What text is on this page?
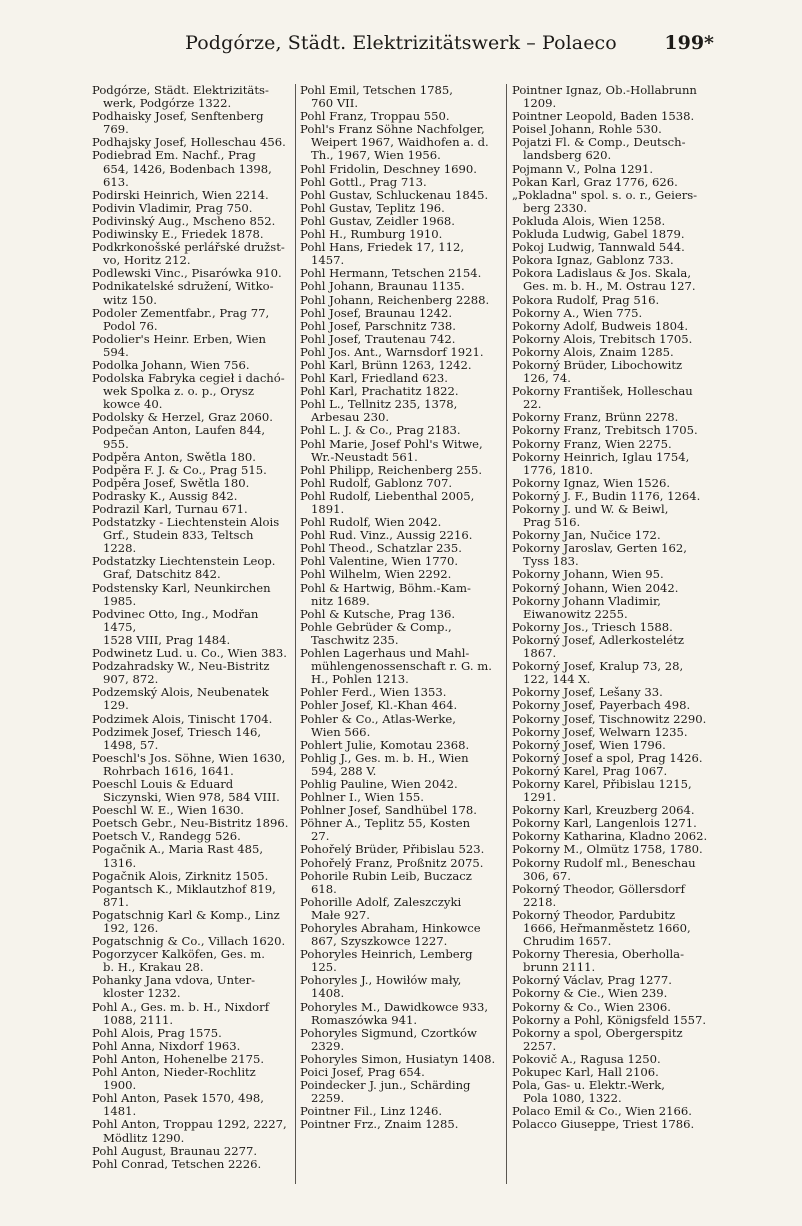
Podgórze, Städt. Elektrizitätswerk – Polaeco	199*

Podgórze, Städt. Elektrizitäts-
werk, Podgórze 1322.

Podhaisky Josef, Senftenberg
769.

Podhajsky Josef, Holleschau 456.

Podiebrad Em. Nachf., Prag
654, 1426, Bodenbach 1398, 613.

Podirski Heinrich, Wien 2214.

Podivin Vladimir, Prag 750.

Podivinský Aug., Mscheno 852.

Podiwinsky E., Friedek 1878.

Podkrkonošské perlářské družst-
vo, Horitz 212.

Podlewski Vinc., Pisarówka 910.

Podnikatelské sdružení, Witko-
witz 150.

Podoler Zementfabr., Prag 77,
Podol 76.

Podolier's Heinr. Erben, Wien
594.

Podolka Johann, Wien 756.

Podolska Fabryka cegieł i dachó-
wek Spolka z. o. p., Orysz
kowce 40.

Podolsky & Herzel, Graz 2060.

Podpečan Anton, Laufen 844,
955.

Podpěra Anton, Swětla 180.

Podpěra F. J. & Co., Prag 515.

Podpěra Josef, Swětla 180.

Podrasky K., Aussig 842.

Podrazil Karl, Turnau 671.

Podstatzky - Liechtenstein Alois
Grf., Studein 833, Teltsch
1228.

Podstatzky Liechtenstein Leop.
Graf, Datschitz 842.

Podstensky Karl, Neunkirchen
1985.

Podvinec Otto, Ing., Modřan 1475,
1528 VIII, Prag 1484.

Podwinetz Lud. u. Co., Wien 383.

Podzahradsky W., Neu-Bistritz
907, 872.

Podzemský Alois, Neubenatek
129.

Podzimek Alois, Tinischt 1704.

Podzimek Josef, Triesch 146,
1498, 57.

Poeschl's Jos. Söhne, Wien 1630,
Rohrbach 1616, 1641.

Poeschl Louis & Eduard
Siczynski, Wien 978, 584 VIII.

Poeschl W. E., Wien 1630.

Poetsch Gebr., Neu-Bistritz 1896.

Poetsch V., Randegg 526.

Pogačnik A., Maria Rast 485,
1316.

Pogačnik Alois, Zirknitz 1505.

Pogantsch K., Miklautzhof 819,
871.

Pogatschnig Karl & Komp., Linz
192, 126.

Pogatschnig & Co., Villach 1620.

Pogorzycer Kalköfen, Ges. m.
b. H., Krakau 28.

Pohanky Jana vdova, Unter-
kloster 1232.

Pohl A., Ges. m. b. H., Nixdorf
1088, 2111.

Pohl Alois, Prag 1575.

Pohl Anna, Nixdorf 1963.

Pohl Anton, Hohenelbe 2175.

Pohl Anton, Nieder-Rochlitz 1900.

Pohl Anton, Pasek 1570, 498, 1481.

Pohl Anton, Troppau 1292, 2227,
Mödlitz 1290.

Pohl August, Braunau 2277.

Pohl Conrad, Tetschen 2226.

Pohl Emil, Tetschen 1785,
760 VII.

Pohl Franz, Troppau 550.

Pohl's Franz Söhne Nachfolger,
Weipert 1967, Waidhofen a. d.
Th., 1967, Wien 1956.

Pohl Fridolin, Deschney 1690.

Pohl Gottl., Prag 713.

Pohl Gustav, Schluckenau 1845.

Pohl Gustav, Teplitz 196.

Pohl Gustav, Zeidler 1968.

Pohl H., Rumburg 1910.

Pohl Hans, Friedek 17, 112, 1457.

Pohl Hermann, Tetschen 2154.

Pohl Johann, Braunau 1135.

Pohl Johann, Reichenberg 2288.

Pohl Josef, Braunau 1242.

Pohl Josef, Parschnitz 738.

Pohl Josef, Trautenau 742.

Pohl Jos. Ant., Warnsdorf 1921.

Pohl Karl, Brünn 1263, 1242.

Pohl Karl, Friedland 623.

Pohl Karl, Prachatitz 1822.

Pohl L., Tellnitz 235, 1378,
Arbesau 230.

Pohl L. J. & Co., Prag 2183.

Pohl Marie, Josef Pohl's Witwe,
Wr.-Neustadt 561.

Pohl Philipp, Reichenberg 255.

Pohl Rudolf, Gablonz 707.

Pohl Rudolf, Liebenthal 2005,
1891.

Pohl Rudolf, Wien 2042.

Pohl Rud. Vinz., Aussig 2216.

Pohl Theod., Schatzlar 235.

Pohl Valentine, Wien 1770.

Pohl Wilhelm, Wien 2292.

Pohl & Hartwig, Böhm.-Kam-
nitz 1689.

Pohl & Kutsche, Prag 136.

Pohle Gebrüder & Comp.,
Taschwitz 235.

Pohlen Lagerhaus und Mahl-
mühlengenossenschaft r. G. m.
H., Pohlen 1213.

Pohler Ferd., Wien 1353.

Pohler Josef, Kl.-Khan 464.

Pohler & Co., Atlas-Werke,
Wien 566.

Pohlert Julie, Komotau 2368.

Pohlig J., Ges. m. b. H., Wien
594, 288 V.

Pohlig Pauline, Wien 2042.

Pohlner I., Wien 155.

Pohlner Josef, Sandhübel 178.

Pöhner A., Teplitz 55, Kosten
27.

Pohořelý Brüder, Přibislau 523.

Pohořelý Franz, Proßnitz 2075.

Pohorile Rubin Leib, Buczacz
618.

Pohorille Adolf, Zaleszczyki
Małe 927.

Pohoryles Abraham, Hinkowce
867, Szyszkowce 1227.

Pohoryles Heinrich, Lemberg
125.

Pohoryles J., Howiłów mały,
1408.

Pohoryles M., Dawidkowce 933,
Romaszówka 941.

Pohoryles Sigmund, Czortków
2329.

Pohoryles Simon, Husiatyn 1408.

Poici Josef, Prag 654.

Poindecker J. jun., Schärding
2259.

Pointner Fil., Linz 1246.

Pointner Frz., Znaim 1285.

Pointner Ignaz, Ob.-Hollabrunn
1209.

Pointner Leopold, Baden 1538.

Poisel Johann, Rohle 530.

Pojatzi Fl. & Comp., Deutsch-
landsberg 620.

Pojmann V., Polna 1291.

Pokan Karl, Graz 1776, 626.

„Pokladna" spol. s. o. r., Geiers-
berg 2330.

Pokluda Alois, Wien 1258.

Pokluda Ludwig, Gabel 1879.

Pokoj Ludwig, Tannwald 544.

Pokora Ignaz, Gablonz 733.

Pokora Ladislaus & Jos. Skala,
Ges. m. b. H., M. Ostrau 127.

Pokora Rudolf, Prag 516.

Pokorny A., Wien 775.

Pokorny Adolf, Budweis 1804.

Pokorny Alois, Trebitsch 1705.

Pokorny Alois, Znaim 1285.

Pokorný Brüder, Libochowitz
126, 74.

Pokorny František, Holleschau
22.

Pokorny Franz, Brünn 2278.

Pokorny Franz, Trebitsch 1705.

Pokorny Franz, Wien 2275.

Pokorny Heinrich, Iglau 1754,
1776, 1810.

Pokorny Ignaz, Wien 1526.

Pokorný J. F., Budin 1176, 1264.

Pokorny J. und W. & Beiwl,
Prag 516.

Pokorny Jan, Nučice 172.

Pokorny Jaroslav, Gerten 162,
Tyss 183.

Pokorny Johann, Wien 95.

Pokorný Johann, Wien 2042.

Pokorny Johann Vladimir,
Eiwanowitz 2255.

Pokorny Jos., Triesch 1588.

Pokorný Josef, Adlerkostelétz
1867.

Pokorný Josef, Kralup 73, 28,
122, 144 X.

Pokorny Josef, Lešany 33.

Pokorny Josef, Payerbach 498.

Pokorny Josef, Tischnowitz 2290.

Pokorny Josef, Welwarn 1235.

Pokorný Josef, Wien 1796.

Pokorný Josef a spol, Prag 1426.

Pokorný Karel, Prag 1067.

Pokorny Karel, Přibislau 1215,
1291.

Pokorny Karl, Kreuzberg 2064.

Pokorny Karl, Langenlois 1271.

Pokorny Katharina, Kladno 2062.

Pokorny M., Olmütz 1758, 1780.

Pokorny Rudolf ml., Beneschau
306, 67.

Pokorný Theodor, Göllersdorf
2218.

Pokorný Theodor, Pardubitz
1666, Heřmanměstetz 1660,
Chrudim 1657.

Pokorny Theresia, Oberholla-
brunn 2111.

Pokorný Václav, Prag 1277.

Pokorny & Cie., Wien 239.

Pokorny & Co., Wien 2306.

Pokorny a Pohl, Königsfeld 1557.

Pokorny a spol, Obergerspitz
2257.

Pokovič A., Ragusa 1250.

Pokupec Karl, Hall 2106.

Pola, Gas- u. Elektr.-Werk,
Pola 1080, 1322.

Polaco Emil & Co., Wien 2166.

Polacco Giuseppe, Triest 1786.
